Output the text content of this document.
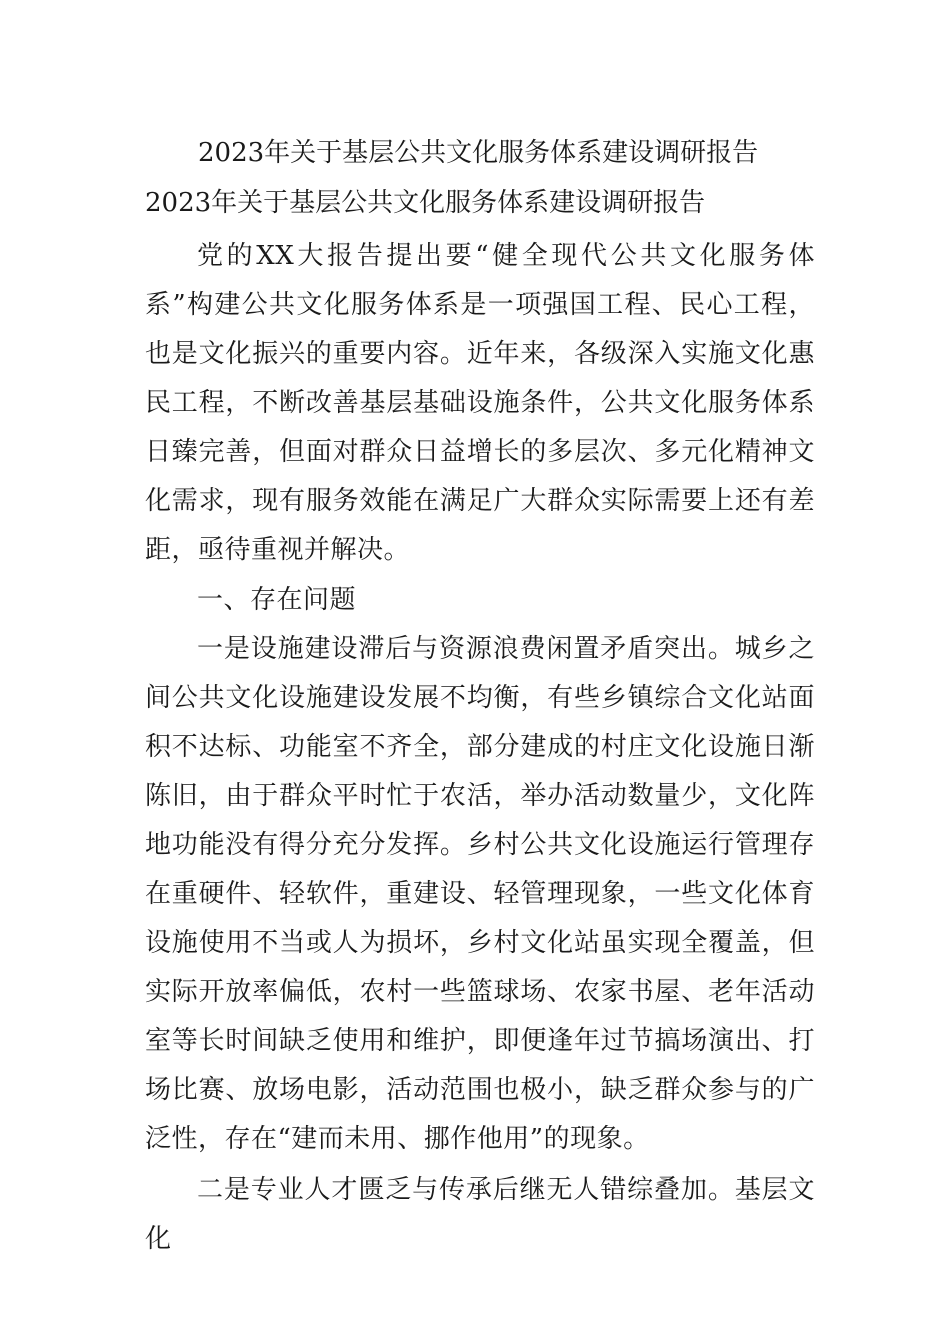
2023年关于基层公共文化服务体系建设调研报告
2023年关于基层公共文化服务体系建设调研报告

党的XX大报告提出要“健全现代公共文化服务体系”构建公共文化服务体系是一项强国工程、民心工程，也是文化振兴的重要内容。近年来，各级深入实施文化惠民工程，不断改善基层基础设施条件，公共文化服务体系日臻完善，但面对群众日益增长的多层次、多元化精神文化需求，现有服务效能在满足广大群众实际需要上还有差距，亟待重视并解决。

一、存在问题

一是设施建设滞后与资源浪费闲置矛盾突出。城乡之间公共文化设施建设发展不均衡，有些乡镇综合文化站面积不达标、功能室不齐全，部分建成的村庄文化设施日渐陈旧，由于群众平时忙于农活，举办活动数量少，文化阵地功能没有得分充分发挥。乡村公共文化设施运行管理存在重硬件、轻软件，重建设、轻管理现象，一些文化体育设施使用不当或人为损坏，乡村文化站虽实现全覆盖，但实际开放率偏低，农村一些篮球场、农家书屋、老年活动室等长时间缺乏使用和维护，即便逢年过节搞场演出、打场比赛、放场电影，活动范围也极小，缺乏群众参与的广泛性，存在“建而未用、挪作他用”的现象。

二是专业人才匮乏与传承后继无人错综叠加。基层文化
